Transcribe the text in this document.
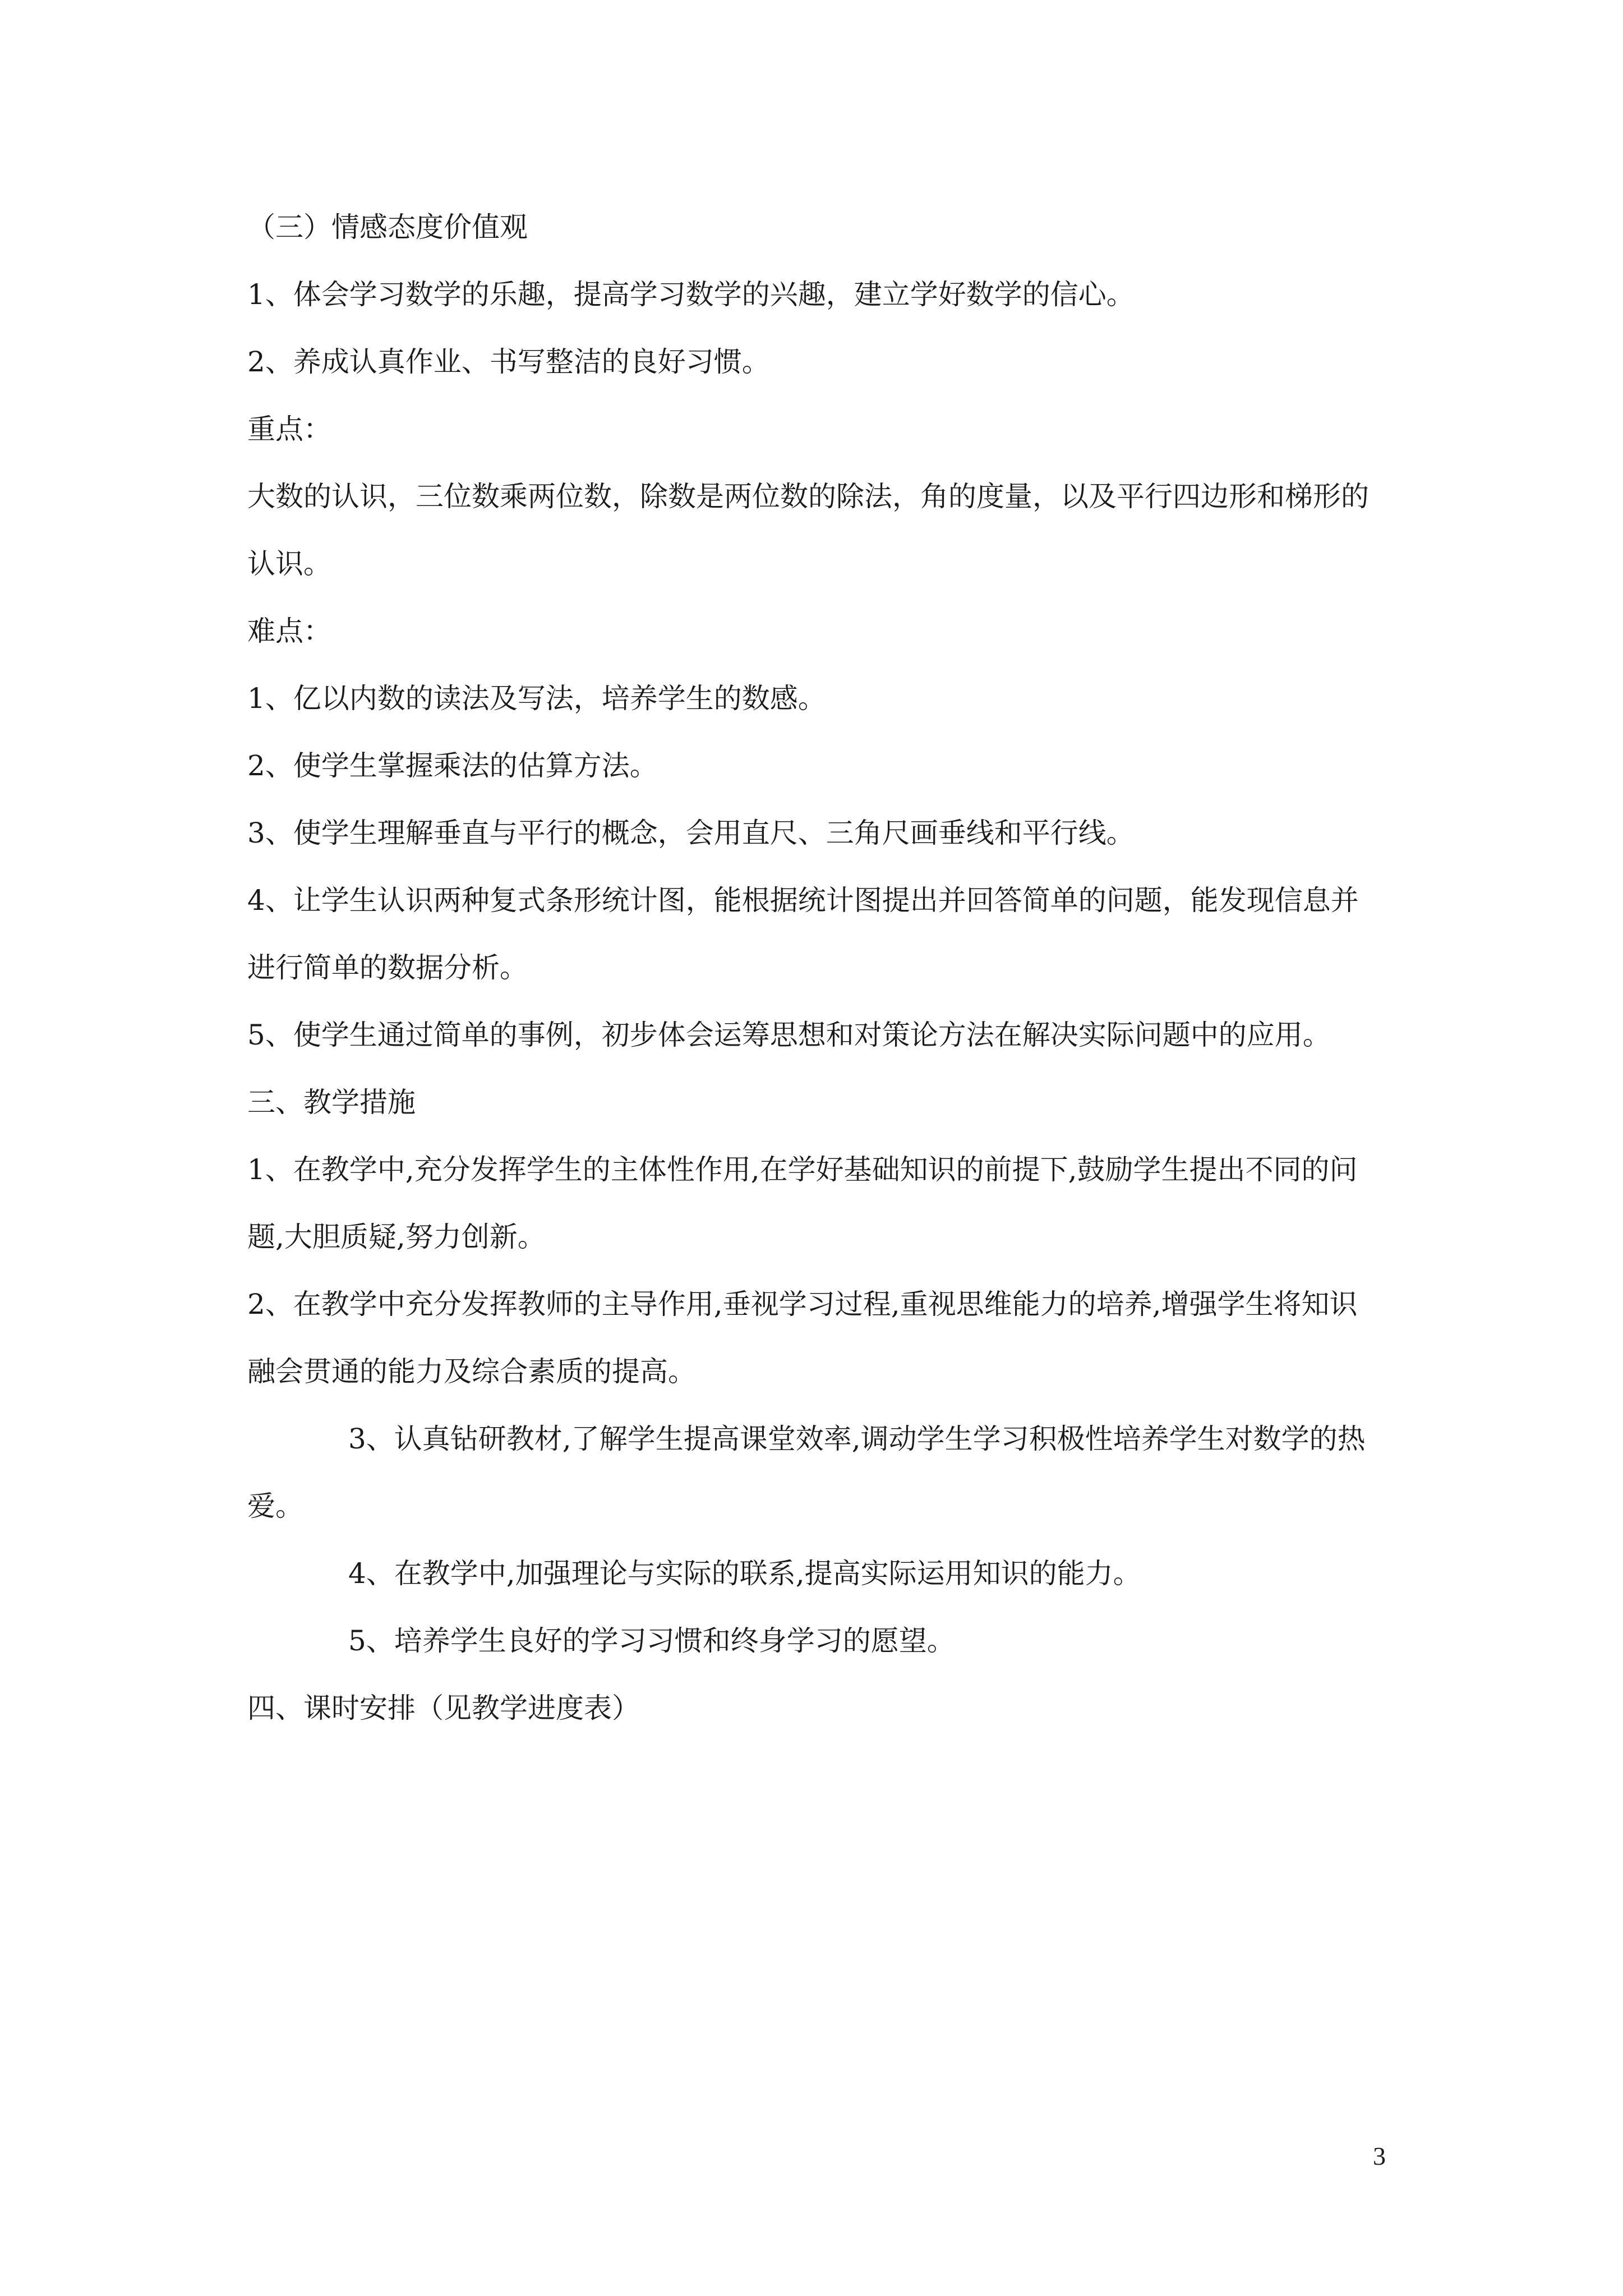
（三）情感态度价值观

1、体会学习数学的乐趣，提高学习数学的兴趣，建立学好数学的信心。

2、养成认真作业、书写整洁的良好习惯。

重点：

大数的认识，三位数乘两位数，除数是两位数的除法，角的度量，以及平行四边形和梯形的

认识。

难点：

1、亿以内数的读法及写法，培养学生的数感。

2、使学生掌握乘法的估算方法。

3、使学生理解垂直与平行的概念，会用直尺、三角尺画垂线和平行线。

4、让学生认识两种复式条形统计图，能根据统计图提出并回答简单的问题，能发现信息并

进行简单的数据分析。

5、使学生通过简单的事例，初步体会运筹思想和对策论方法在解决实际问题中的应用。

三、教学措施

1、在教学中,充分发挥学生的主体性作用,在学好基础知识的前提下,鼓励学生提出不同的问

题,大胆质疑,努力创新。

2、在教学中充分发挥教师的主导作用,垂视学习过程,重视思维能力的培养,增强学生将知识

融会贯通的能力及综合素质的提高。

3、认真钻研教材,了解学生提高课堂效率,调动学生学习积极性培养学生对数学的热

爱。

4、在教学中,加强理论与实际的联系,提高实际运用知识的能力。

5、培养学生良好的学习习惯和终身学习的愿望。

四、课时安排（见教学进度表）

3
